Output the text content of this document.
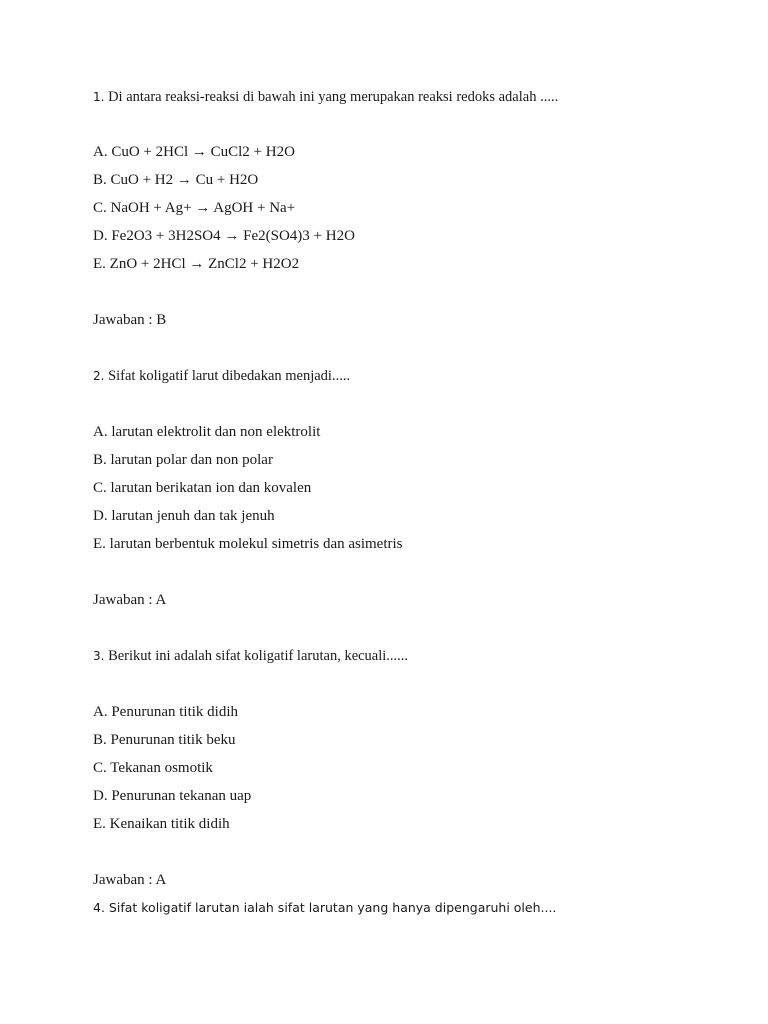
1. Di antara reaksi-reaksi di bawah ini yang merupakan reaksi redoks adalah .....
A. CuO + 2HCl → CuCl2 + H2O
B. CuO + H2 → Cu + H2O
C. NaOH + Ag+ → AgOH + Na+
D. Fe2O3 + 3H2SO4 → Fe2(SO4)3 + H2O
E. ZnO + 2HCl → ZnCl2 + H2O2
Jawaban : B
2. Sifat koligatif larut dibedakan menjadi.....
A. larutan elektrolit dan non elektrolit
B. larutan polar dan non polar
C. larutan berikatan ion dan kovalen
D. larutan jenuh dan tak jenuh
E. larutan berbentuk molekul simetris dan asimetris
Jawaban : A
3. Berikut ini adalah sifat koligatif larutan, kecuali......
A. Penurunan titik didih
B. Penurunan titik beku
C. Tekanan osmotik
D. Penurunan tekanan uap
E. Kenaikan titik didih
Jawaban : A
4. Sifat koligatif larutan ialah sifat larutan yang hanya dipengaruhi oleh....
